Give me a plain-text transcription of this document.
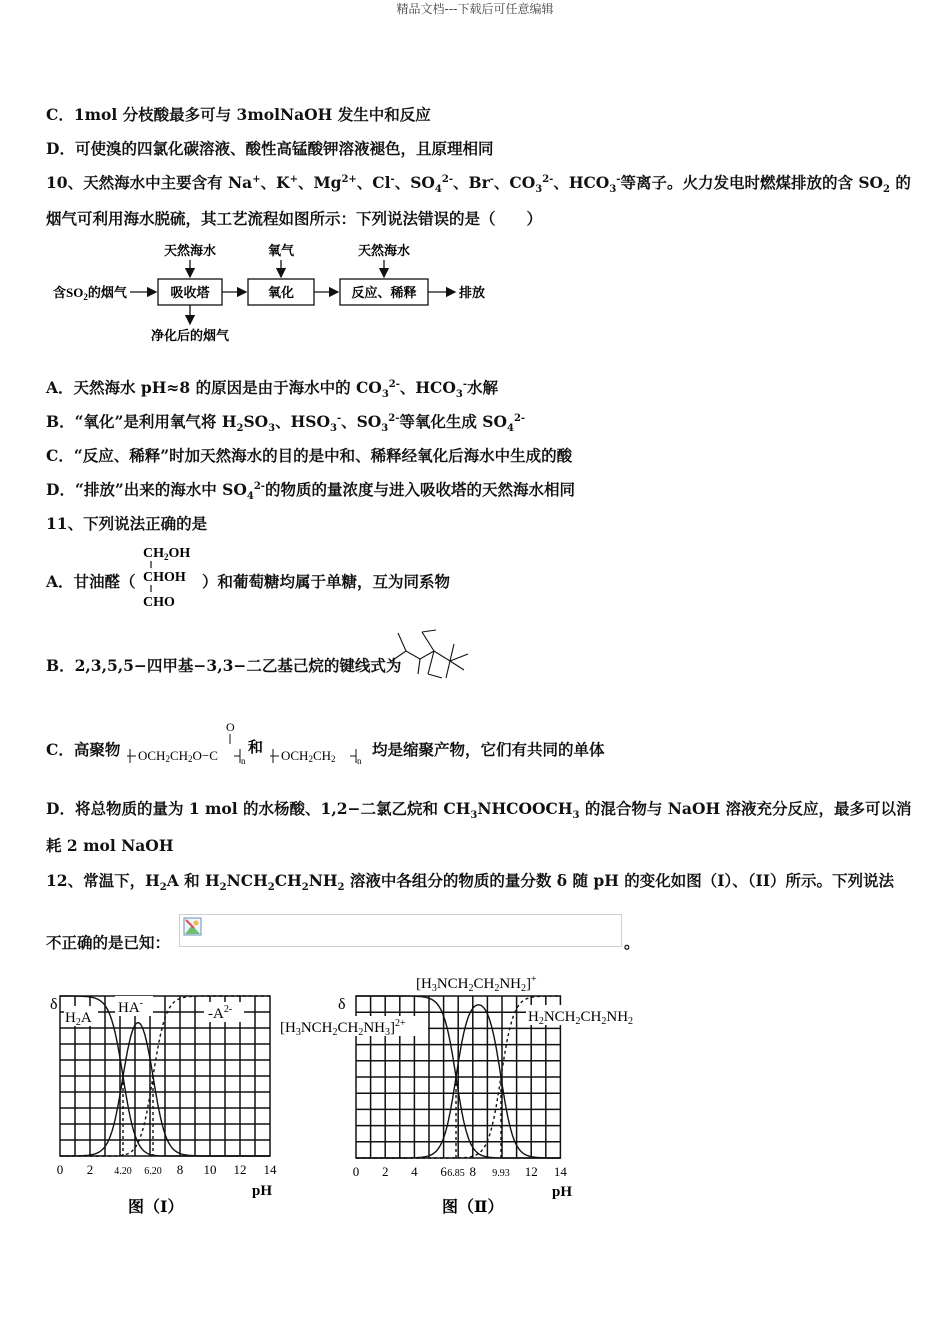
精品文档---下载后可任意编辑
C．1mol 分枝酸最多可与 3molNaOH 发生中和反应
D．可使溴的四氯化碳溶液、酸性高锰酸钾溶液褪色，且原理相同
10、天然海水中主要含有 Na+、K+、$Mg^{2+}$、Cl-、$SO_4^{2-}$、Br-、$CO_3^{2-}$、$HCO_3^-$等离子。火力发电时燃煤排放的含 $SO_2$ 的
烟气可利用海水脱硫，其工艺流程如图所示：下列说法错误的是（　　）
含$SO_2$的烟气	吸收塔
天然海水
净化后的烟气
氧化
氧气
反应、稀释
天然海水
排放
A．天然海水 pH≈8 的原因是由于海水中的 $CO_3^{2-}$、$HCO_3^-$水解
B．“氧化”是利用氧气将 $H_2SO_3$、$HSO_3^-$、$SO_3^{2-}$等氧化生成 $SO_4^{2-}$
C．“反应、稀释”时加天然海水的目的是中和、稀释经氧化后海水中生成的酸
D．“排放”出来的海水中 $SO_4^{2-}$的物质的量浓度与进入吸收塔的天然海水相同
11、下列说法正确的是
A．甘油醛（
$CH_2OH$
CHOH
CHO
）和葡萄糖均属于单糖，互为同系物
B．2,3,5,5−四甲基−3,3−二乙基己烷的键线式为
C．高聚物
O
OCH2CH2O−C	n
和 OCH2CH2 n
均是缩聚产物，它们有共同的单体
D．将总物质的量为 1 mol 的水杨酸、1,2−二氯乙烷和 $CH_3NHCOOCH_3$ 的混合物与 NaOH 溶液充分反应，最多可以消
耗 2 mol NaOH
12、常温下，$H_2A$ 和 $H_2NCH_2CH_2NH_2$ 溶液中各组分的物质的量分数 δ 随 pH 的变化如图（I）、（II）所示。下列说法
不正确的是已知：	。
δ
$H_2A$
HA-
$-A^{2-}$
0 2 4.20 6.20 8 10 12 14
pH
图（Ⅰ）
δ
$[H_3NCH_2CH_2NH_3]^{2+}$
$[H_3NCH_2CH_2NH_2]^+$
$H_2NCH_2CH_2NH_2$
0 2 4 6 6.85 8 9.93 12 14
pH
图（Ⅱ）
